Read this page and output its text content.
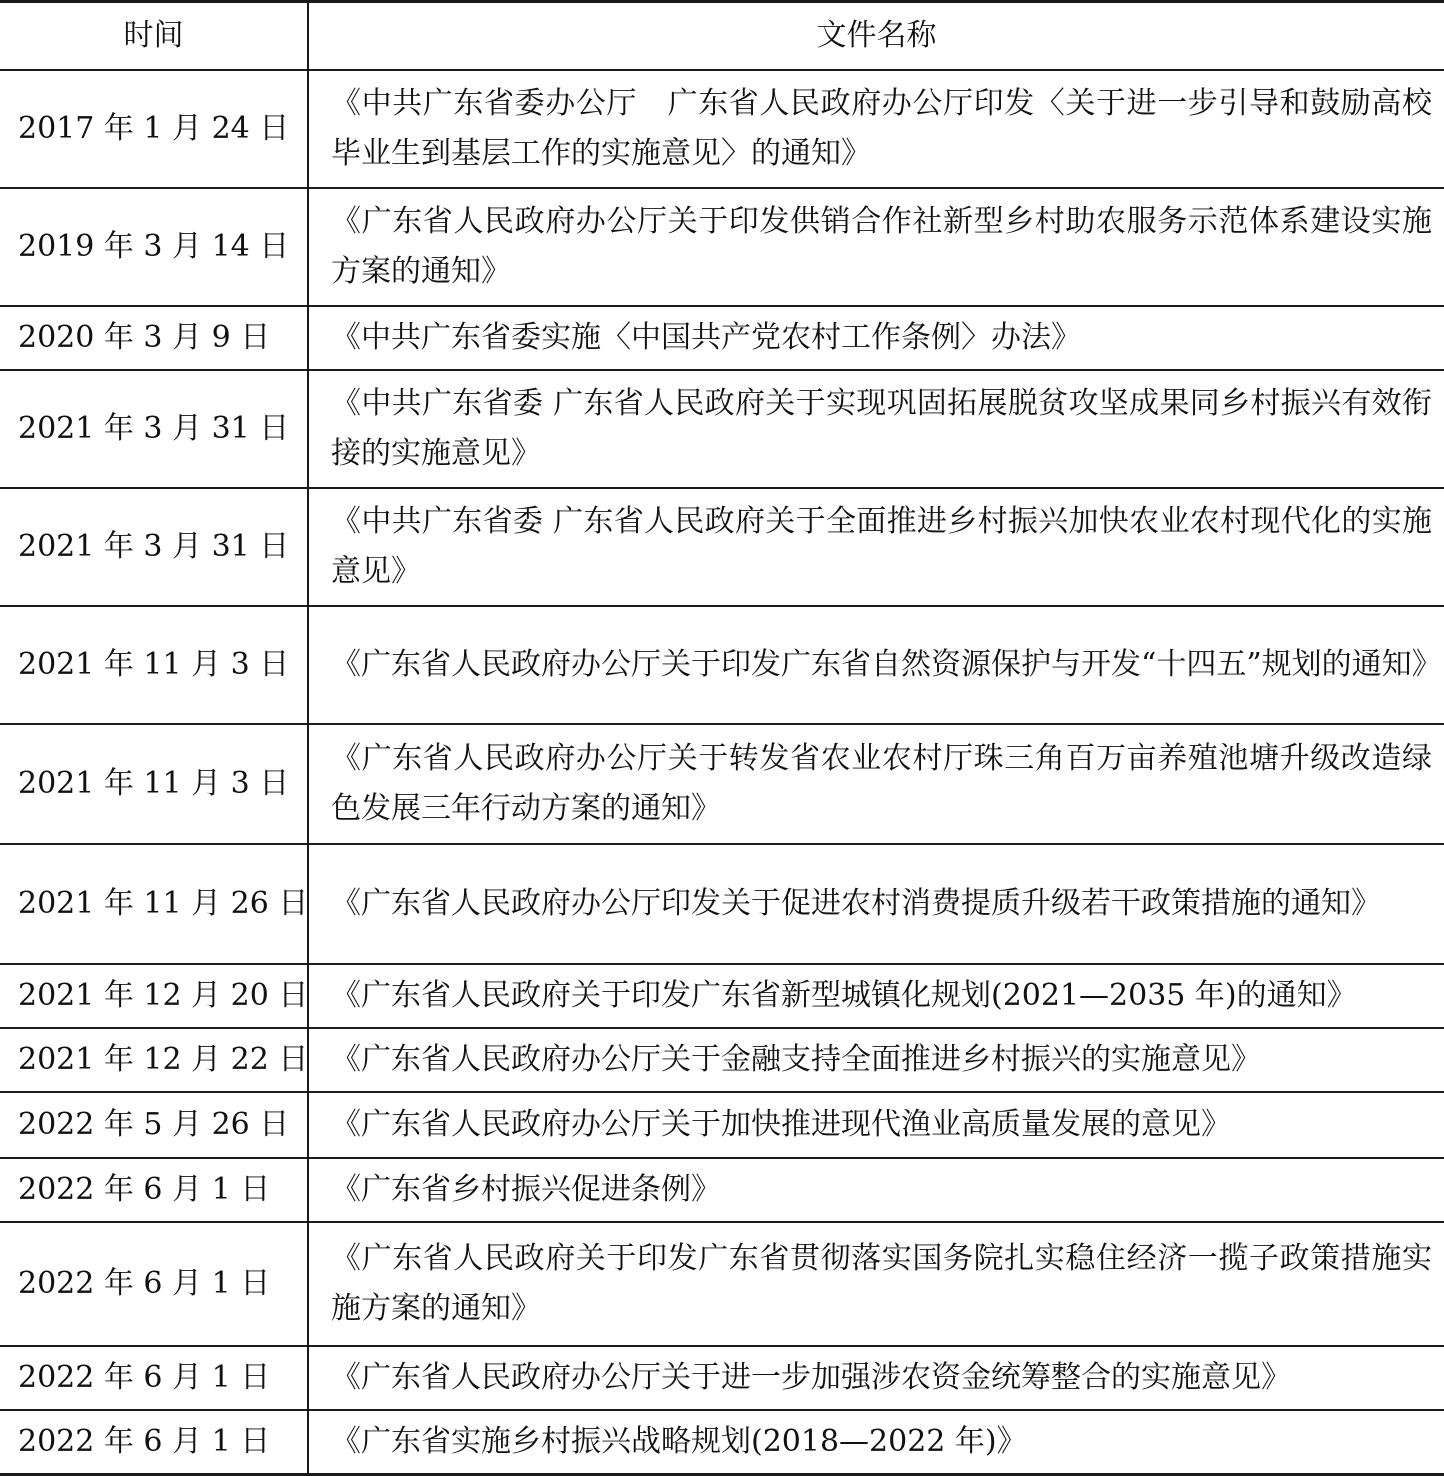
时间	文件名称
2017 年 1 月 24 日	《中共广东省委办公厅　广东省人民政府办公厅印发〈关于进一步引导和鼓励高校毕业生到基层工作的实施意见〉的通知》
2019 年 3 月 14 日	《广东省人民政府办公厅关于印发供销合作社新型乡村助农服务示范体系建设实施方案的通知》
2020 年 3 月 9 日	《中共广东省委实施〈中国共产党农村工作条例〉办法》
2021 年 3 月 31 日	《中共广东省委 广东省人民政府关于实现巩固拓展脱贫攻坚成果同乡村振兴有效衔接的实施意见》
2021 年 3 月 31 日	《中共广东省委 广东省人民政府关于全面推进乡村振兴加快农业农村现代化的实施意见》
2021 年 11 月 3 日	《广东省人民政府办公厅关于印发广东省自然资源保护与开发“十四五”规划的通知》
2021 年 11 月 3 日	《广东省人民政府办公厅关于转发省农业农村厅珠三角百万亩养殖池塘升级改造绿色发展三年行动方案的通知》
2021 年 11 月 26 日	《广东省人民政府办公厅印发关于促进农村消费提质升级若干政策措施的通知》
2021 年 12 月 20 日	《广东省人民政府关于印发广东省新型城镇化规划(2021—2035 年)的通知》
2021 年 12 月 22 日	《广东省人民政府办公厅关于金融支持全面推进乡村振兴的实施意见》
2022 年 5 月 26 日	《广东省人民政府办公厅关于加快推进现代渔业高质量发展的意见》
2022 年 6 月 1 日	《广东省乡村振兴促进条例》
2022 年 6 月 1 日	《广东省人民政府关于印发广东省贯彻落实国务院扎实稳住经济一揽子政策措施实施方案的通知》
2022 年 6 月 1 日	《广东省人民政府办公厅关于进一步加强涉农资金统筹整合的实施意见》
2022 年 6 月 1 日	《广东省实施乡村振兴战略规划(2018—2022 年)》
